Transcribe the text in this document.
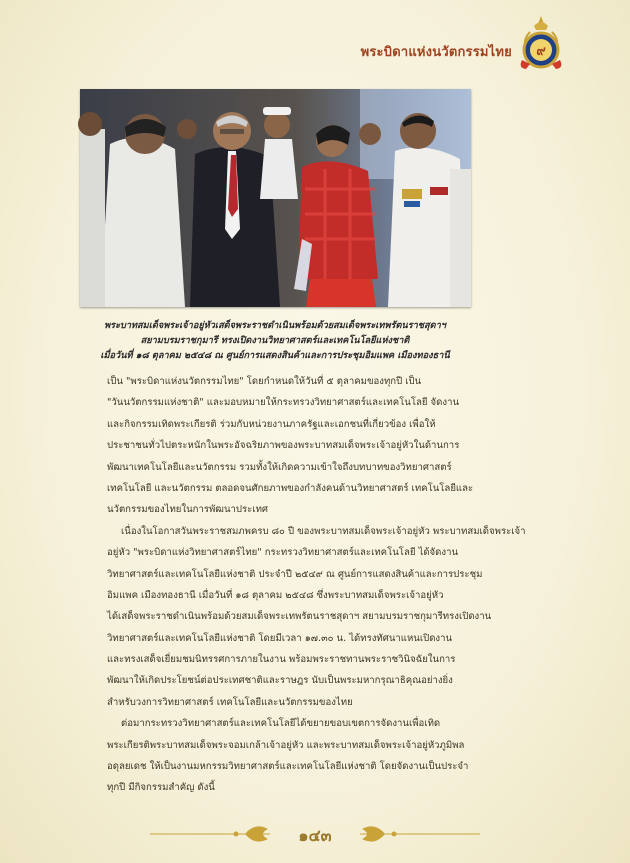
พระบิดาแห่งนวัตกรรมไทย ๙
พระบาทสมเด็จพระเจ้าอยู่หัวเสด็จพระราชดำเนินพร้อมด้วยสมเด็จพระเทพรัตนราชสุดาฯ
สยามบรมราชกุมารี ทรงเปิดงานวิทยาศาสตร์และเทคโนโลยีแห่งชาติ
เมื่อวันที่ ๑๘ ตุลาคม ๒๕๔๘ ณ ศูนย์การแสดงสินค้าและการประชุมอิมแพค เมืองทองธานี
เป็น "พระบิดาแห่งนวัตกรรมไทย" โดยกำหนดให้วันที่ ๕ ตุลาคมของทุกปี เป็น
"วันนวัตกรรมแห่งชาติ" และมอบหมายให้กระทรวงวิทยาศาสตร์และเทคโนโลยี จัดงาน
และกิจกรรมเทิดพระเกียรติ ร่วมกับหน่วยงานภาครัฐและเอกชนที่เกี่ยวข้อง เพื่อให้
ประชาชนทั่วไปตระหนักในพระอัจฉริยภาพของพระบาทสมเด็จพระเจ้าอยู่หัวในด้านการ
พัฒนาเทคโนโลยีและนวัตกรรม รวมทั้งให้เกิดความเข้าใจถึงบทบาทของวิทยาศาสตร์
เทคโนโลยี และนวัตกรรม ตลอดจนศักยภาพของกำลังคนด้านวิทยาศาสตร์ เทคโนโลยีและ
นวัตกรรมของไทยในการพัฒนาประเทศ
เนื่องในโอกาสวันพระราชสมภพครบ ๘๐ ปี ของพระบาทสมเด็จพระเจ้าอยู่หัว พระบาทสมเด็จพระเจ้า
อยู่หัว "พระบิดาแห่งวิทยาศาสตร์ไทย" กระทรวงวิทยาศาสตร์และเทคโนโลยี ได้จัดงาน
วิทยาศาสตร์และเทคโนโลยีแห่งชาติ ประจำปี ๒๕๔๙ ณ ศูนย์การแสดงสินค้าและการประชุม
อิมแพค เมืองทองธานี เมื่อวันที่ ๑๘ ตุลาคม ๒๕๔๘ ซึ่งพระบาทสมเด็จพระเจ้าอยู่หัว
ได้เสด็จพระราชดำเนินพร้อมด้วยสมเด็จพระเทพรัตนราชสุดาฯ สยามบรมราชกุมารีทรงเปิดงาน
วิทยาศาสตร์และเทคโนโลยีแห่งชาติ โดยมีเวลา ๑๗.๓๐ น. ได้ทรงทัศนาแหนเปิดงาน
และทรงเสด็จเยี่ยมชมนิทรรศการภายในงาน พร้อมพระราชทานพระราชวินิจฉัยในการ
พัฒนาให้เกิดประโยชน์ต่อประเทศชาติและราษฎร นับเป็นพระมหากรุณาธิคุณอย่างยิ่ง
สำหรับวงการวิทยาศาสตร์ เทคโนโลยีและนวัตกรรมของไทย
ต่อมากระทรวงวิทยาศาสตร์และเทคโนโลยีได้ขยายขอบเขตการจัดงานเพื่อเทิด
พระเกียรติพระบาทสมเด็จพระจอมเกล้าเจ้าอยู่หัว และพระบาทสมเด็จพระเจ้าอยู่หัวภูมิพล
อดุลยเดช ให้เป็นงานมหกรรมวิทยาศาสตร์และเทคโนโลยีแห่งชาติ โดยจัดงานเป็นประจำ
ทุกปี มีกิจกรรมสำคัญ ดังนี้
๑๔๓
